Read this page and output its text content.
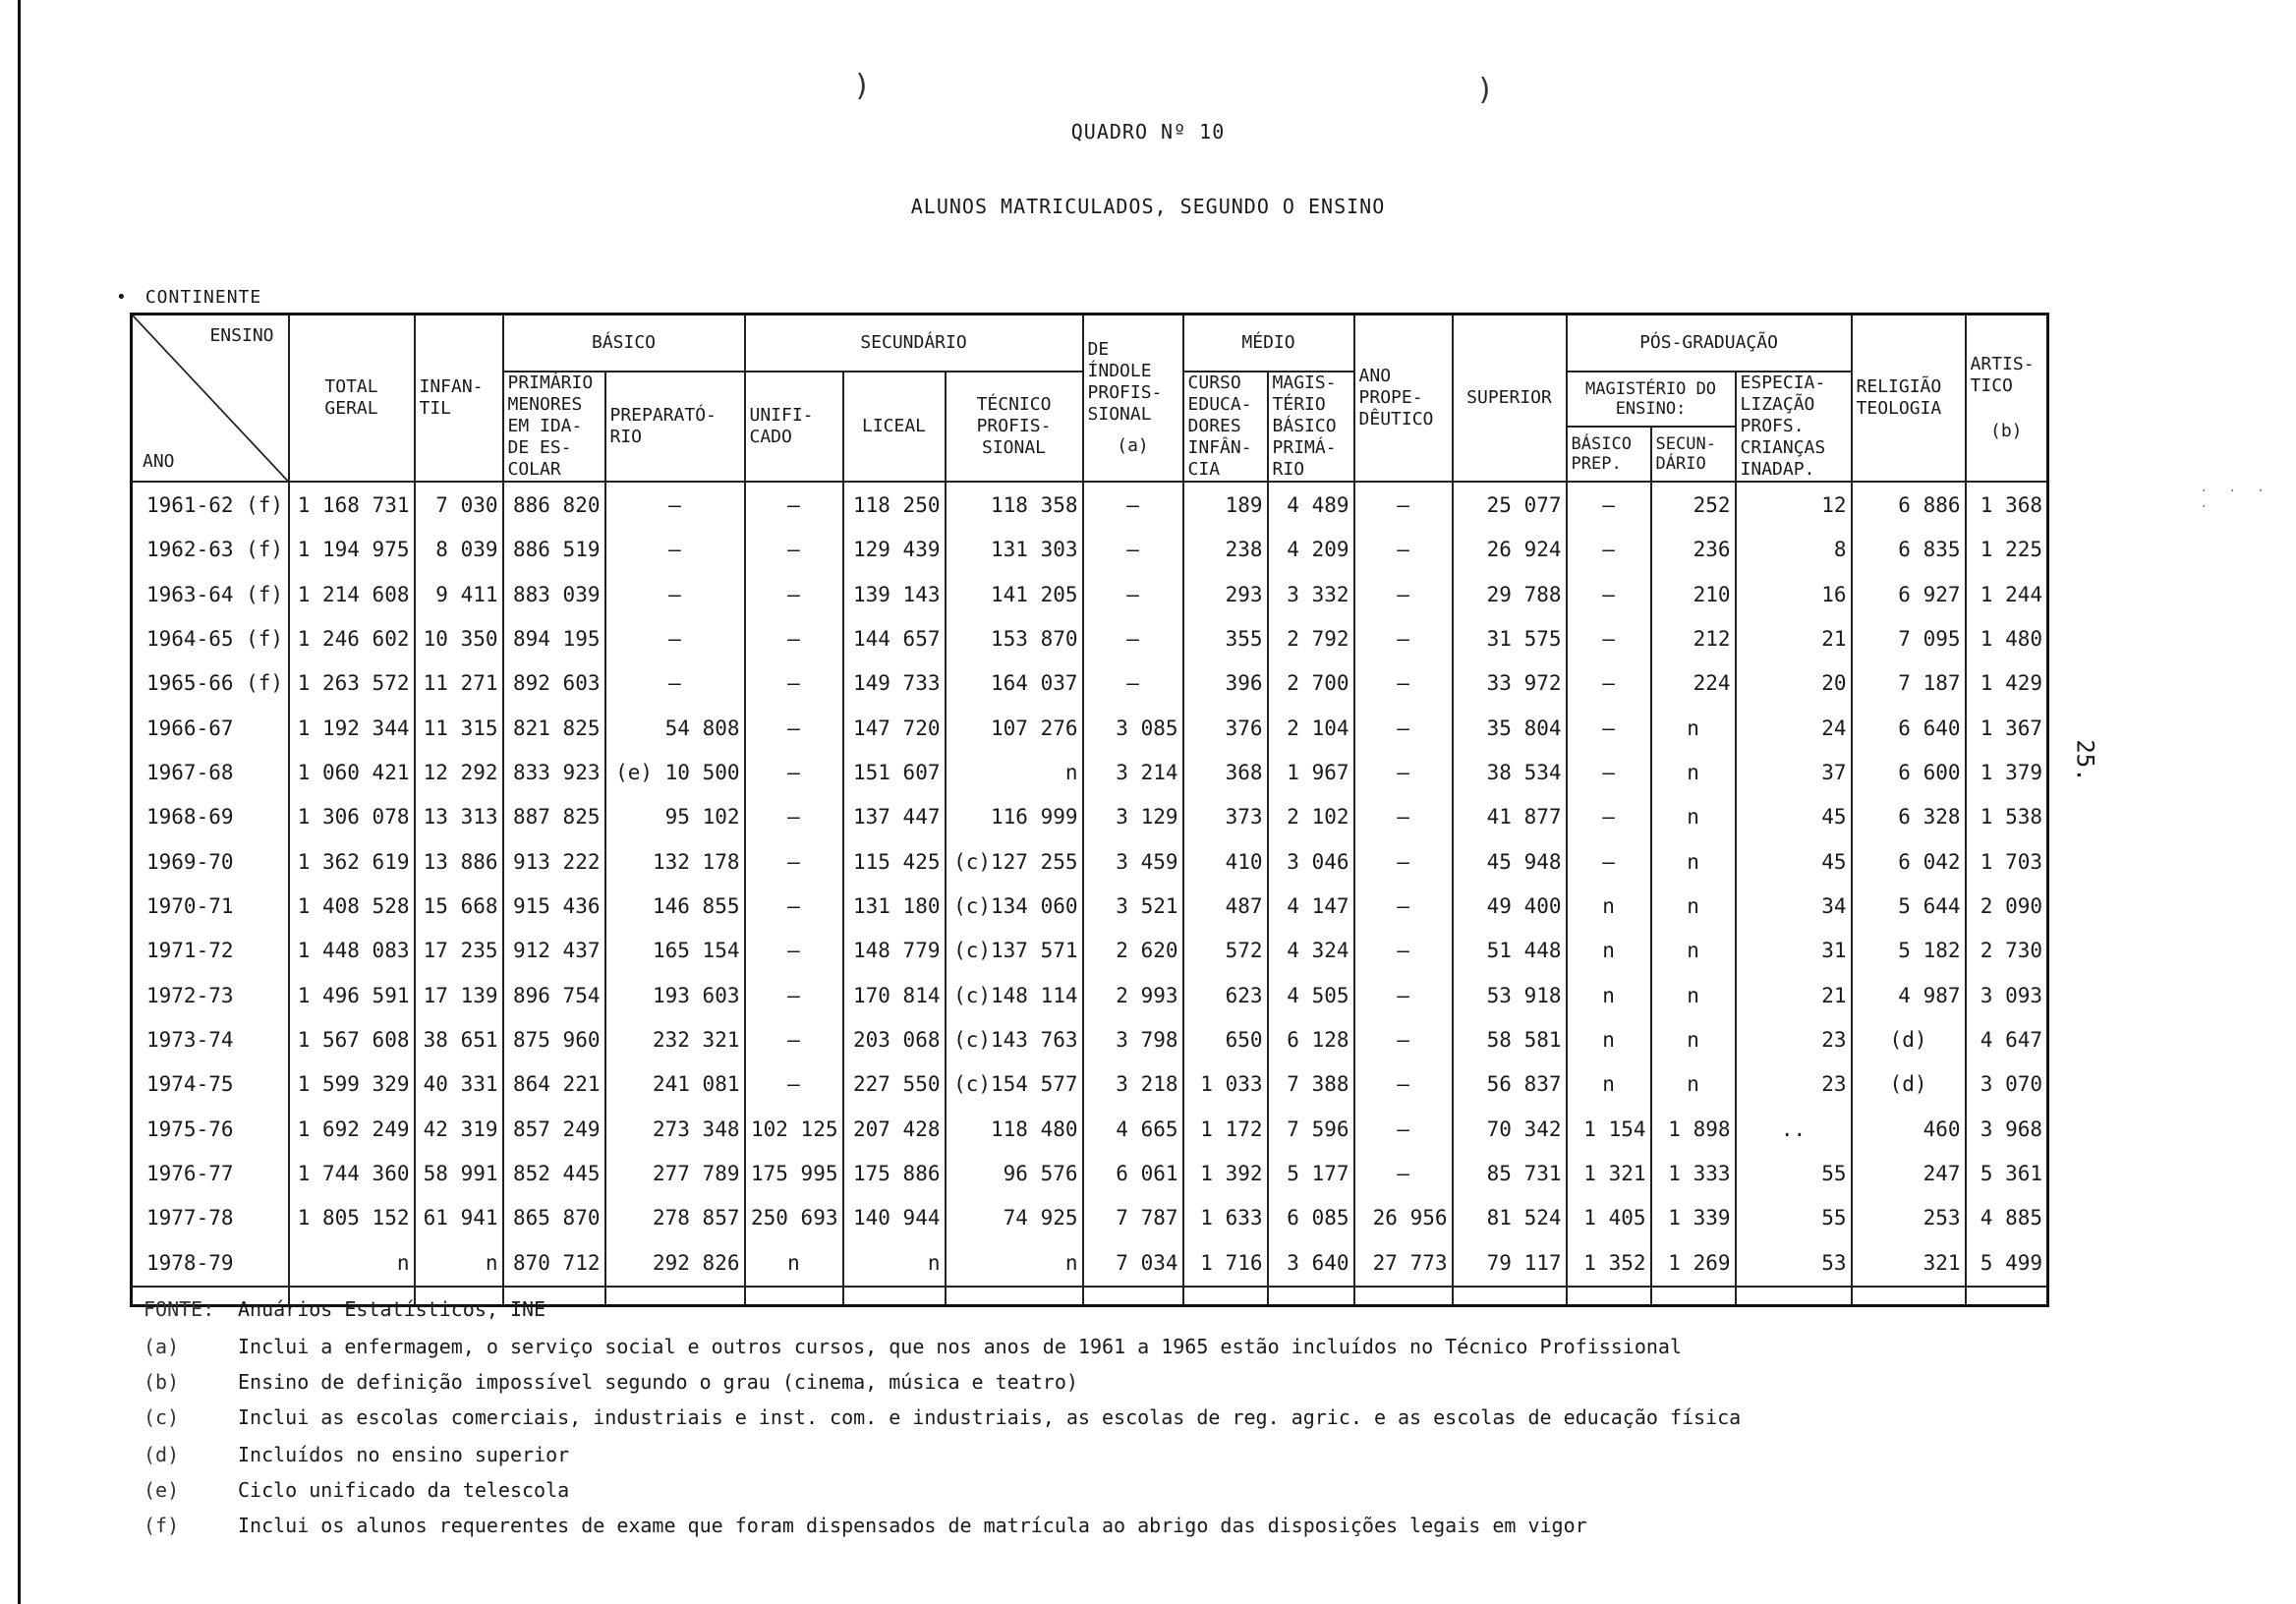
)	)
QUADRO Nº 10
ALUNOS MATRICULADOS, SEGUNDO O ENSINO
• CONTINENTE
25.
. . . .
ENSINO
ANO	TOTAL GERAL	INFAN- TIL	BÁSICO		SECUNDÁRIO			DE ÍNDOLE PROFIS- SIONAL

(a)	MÉDIO		ANO PROPE- DÊUTICO	SUPERIOR	PÓS-GRADUAÇÃO			RELIGIÃO TEOLOGIA	ARTIS- TICO

(b)

			PRIMÁRIO MENORES EM IDA- DE ES- COLAR	PREPARATÓ- RIO	UNIFI- CADO	LICEAL	TÉCNICO PROFIS- SIONAL		CURSO EDUCA- DORES INFÂN- CIA	MAGIS- TÉRIO BÁSICO PRIMÁ- RIO			MAGISTÉRIO DO ENSINO:		ESPECIA- LIZAÇÃO PROFS. CRIANÇAS INADAP.		
													BÁSICO PREP.	SECUN- DÁRIO			
1961-62 (f)	1 168 731	7 030	886 820	—	—	118 250	118 358	—	189	4 489	—	25 077	—	252	12	6 886	1 368
1962-63 (f)	1 194 975	8 039	886 519	—	—	129 439	131 303	—	238	4 209	—	26 924	—	236	8	6 835	1 225
1963-64 (f)	1 214 608	9 411	883 039	—	—	139 143	141 205	—	293	3 332	—	29 788	—	210	16	6 927	1 244
1964-65 (f)	1 246 602	10 350	894 195	—	—	144 657	153 870	—	355	2 792	—	31 575	—	212	21	7 095	1 480
1965-66 (f)	1 263 572	11 271	892 603	—	—	149 733	164 037	—	396	2 700	—	33 972	—	224	20	7 187	1 429
1966-67	1 192 344	11 315	821 825	54 808	—	147 720	107 276	3 085	376	2 104	—	35 804	—	n	24	6 640	1 367
1967-68	1 060 421	12 292	833 923	(e) 10 500	—	151 607	n	3 214	368	1 967	—	38 534	—	n	37	6 600	1 379
1968-69	1 306 078	13 313	887 825	95 102	—	137 447	116 999	3 129	373	2 102	—	41 877	—	n	45	6 328	1 538
1969-70	1 362 619	13 886	913 222	132 178	—	115 425	(c)127 255	3 459	410	3 046	—	45 948	—	n	45	6 042	1 703
1970-71	1 408 528	15 668	915 436	146 855	—	131 180	(c)134 060	3 521	487	4 147	—	49 400	n	n	34	5 644	2 090
1971-72	1 448 083	17 235	912 437	165 154	—	148 779	(c)137 571	2 620	572	4 324	—	51 448	n	n	31	5 182	2 730
1972-73	1 496 591	17 139	896 754	193 603	—	170 814	(c)148 114	2 993	623	4 505	—	53 918	n	n	21	4 987	3 093
1973-74	1 567 608	38 651	875 960	232 321	—	203 068	(c)143 763	3 798	650	6 128	—	58 581	n	n	23	(d)	4 647
1974-75	1 599 329	40 331	864 221	241 081	—	227 550	(c)154 577	3 218	1 033	7 388	—	56 837	n	n	23	(d)	3 070
1975-76	1 692 249	42 319	857 249	273 348	102 125	207 428	118 480	4 665	1 172	7 596	—	70 342	1 154	1 898	..	460	3 968
1976-77	1 744 360	58 991	852 445	277 789	175 995	175 886	96 576	6 061	1 392	5 177	—	85 731	1 321	1 333	55	247	5 361
1977-78	1 805 152	61 941	865 870	278 857	250 693	140 944	74 925	7 787	1 633	6 085	26 956	81 524	1 405	1 339	55	253	4 885
1978-79	n	n	870 712	292 826	n	n	n	7 034	1 716	3 640	27 773	79 117	1 352	1 269	53	321	5 499

FONTE: Anuários Estatísticos, INE
(a)	Inclui a enfermagem, o serviço social e outros cursos, que nos anos de 1961 a 1965 estão incluídos no Técnico Profissional
(b)	Ensino de definição impossível segundo o grau (cinema, música e teatro)
(c)	Inclui as escolas comerciais, industriais e inst. com. e industriais, as escolas de reg. agric. e as escolas de educação física
(d)	Incluídos no ensino superior
(e)	Ciclo unificado da telescola
(f)	Inclui os alunos requerentes de exame que foram dispensados de matrícula ao abrigo das disposições legais em vigor
